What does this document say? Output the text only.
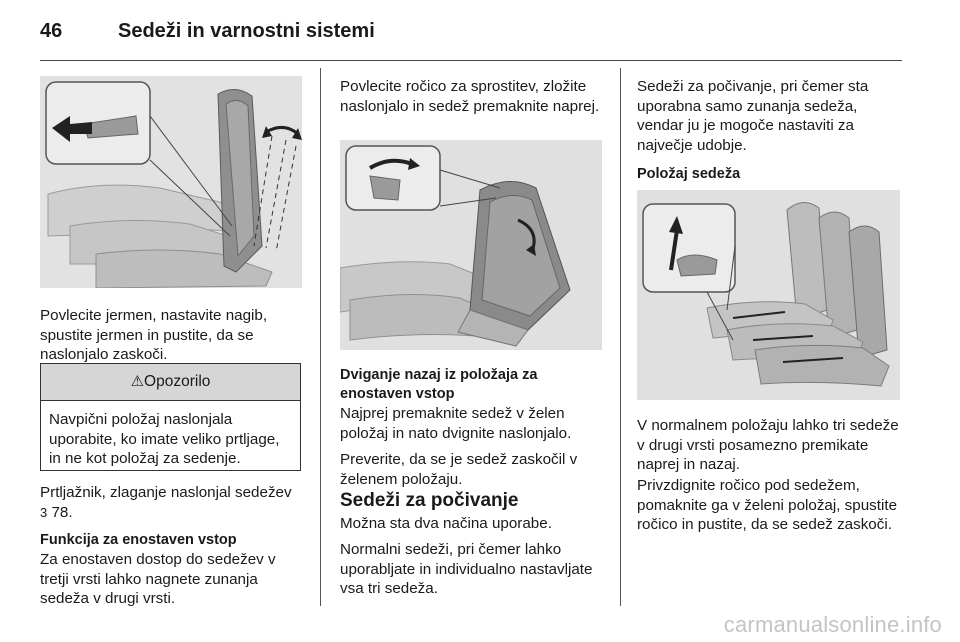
46	Sedeži in varnostni sistemi
Povlecite jermen, nastavite nagib, spustite jermen in pustite, da se naslonjalo zaskoči.
⚠Opozorilo
Navpični položaj naslonjala uporabite, ko imate veliko prtljage, in ne kot položaj za sedenje.
Prtljažnik, zlaganje naslonjal sedežev
3 78.
Funkcija za enostaven vstop
Za enostaven dostop do sedežev v tretji vrsti lahko nagnete zunanja sedeža v drugi vrsti.
Povlecite ročico za sprostitev, zložite naslonjalo in sedež premaknite naprej.
Dviganje nazaj iz položaja za enostaven vstop
Najprej premaknite sedež v želen položaj in nato dvignite naslonjalo.
Preverite, da se je sedež zaskočil v želenem položaju.
Sedeži za počivanje
Možna sta dva načina uporabe.
Normalni sedeži, pri čemer lahko uporabljate in individualno nastavljate vsa tri sedeža.
Sedeži za počivanje, pri čemer sta uporabna samo zunanja sedeža, vendar ju je mogoče nastaviti za največje udobje.
Položaj sedeža
V normalnem položaju lahko tri sedeže v drugi vrsti posamezno premikate naprej in nazaj.
Privzdignite ročico pod sedežem, pomaknite ga v želeni položaj, spustite ročico in pustite, da se sedež zaskoči.
carmanualsonline.info
